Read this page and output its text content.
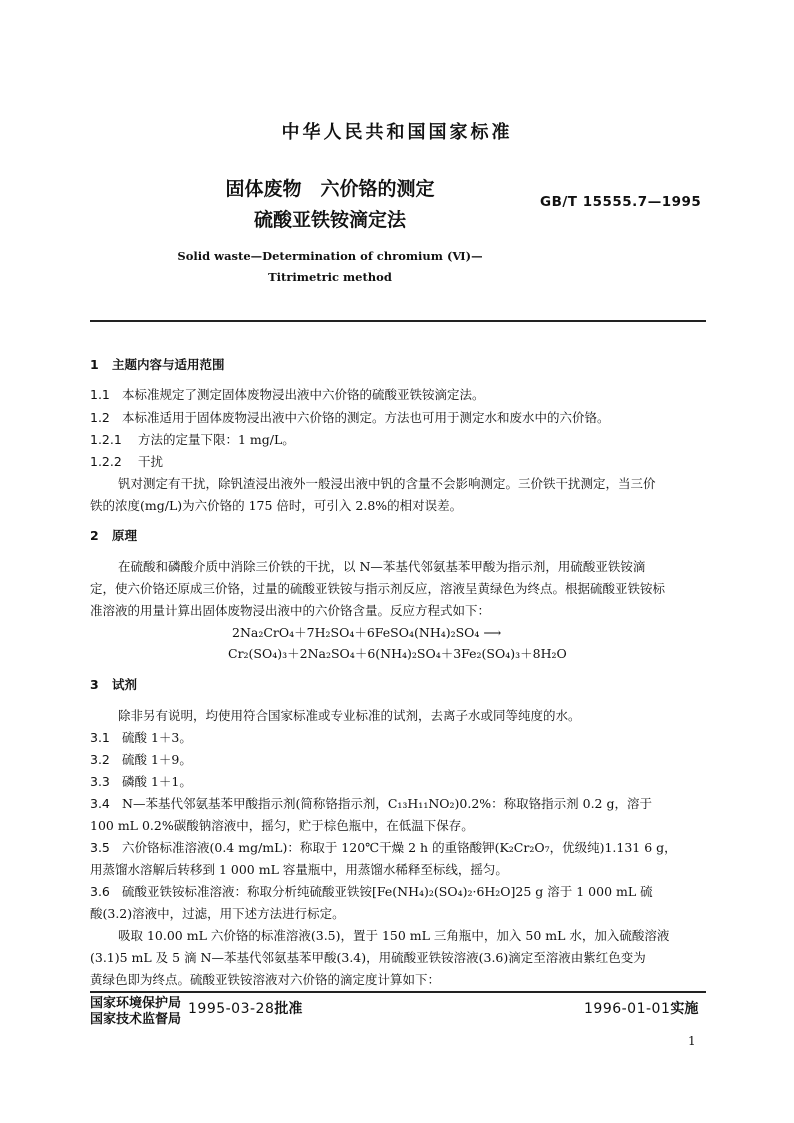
中华人民共和国国家标准
固体废物　六价铬的测定
硫酸亚铁铵滴定法
GB/T 15555.7—1995
Solid waste—Determination of chromium (Ⅵ)—
Titrimetric method
1 主题内容与适用范围
1.1 本标准规定了测定固体废物浸出液中六价铬的硫酸亚铁铵滴定法。
1.2 本标准适用于固体废物浸出液中六价铬的测定。方法也可用于测定水和废水中的六价铬。
1.2.1 方法的定量下限：1 mg/L。
1.2.2 干扰
钒对测定有干扰，除钒渣浸出液外一般浸出液中钒的含量不会影响测定。三价铁干扰测定，当三价
铁的浓度(mg/L)为六价铬的 175 倍时，可引入 2.8%的相对误差。
2 原理
在硫酸和磷酸介质中消除三价铁的干扰，以 N—苯基代邻氨基苯甲酸为指示剂，用硫酸亚铁铵滴
定，使六价铬还原成三价铬，过量的硫酸亚铁铵与指示剂反应，溶液呈黄绿色为终点。根据硫酸亚铁铵标
准溶液的用量计算出固体废物浸出液中的六价铬含量。反应方程式如下：
2Na₂CrO₄＋7H₂SO₄＋6FeSO₄(NH₄)₂SO₄ ⟶
Cr₂(SO₄)₃＋2Na₂SO₄＋6(NH₄)₂SO₄＋3Fe₂(SO₄)₃＋8H₂O
3 试剂
除非另有说明，均使用符合国家标准或专业标准的试剂，去离子水或同等纯度的水。
3.1 硫酸 1＋3。
3.2 硫酸 1＋9。
3.3 磷酸 1＋1。
3.4 N—苯基代邻氨基苯甲酸指示剂(简称铬指示剂，C₁₃H₁₁NO₂)0.2%：称取铬指示剂 0.2 g，溶于
100 mL 0.2%碳酸钠溶液中，摇匀，贮于棕色瓶中，在低温下保存。
3.5 六价铬标准溶液(0.4 mg/mL)：称取于 120℃干燥 2 h 的重铬酸钾(K₂Cr₂O₇，优级纯)1.131 6 g，
用蒸馏水溶解后转移到 1 000 mL 容量瓶中，用蒸馏水稀释至标线，摇匀。
3.6 硫酸亚铁铵标准溶液：称取分析纯硫酸亚铁铵[Fe(NH₄)₂(SO₄)₂·6H₂O]25 g 溶于 1 000 mL 硫
酸(3.2)溶液中，过滤，用下述方法进行标定。
吸取 10.00 mL 六价铬的标准溶液(3.5)，置于 150 mL 三角瓶中，加入 50 mL 水，加入硫酸溶液
(3.1)5 mL 及 5 滴 N—苯基代邻氨基苯甲酸(3.4)，用硫酸亚铁铵溶液(3.6)滴定至溶液由紫红色变为
黄绿色即为终点。硫酸亚铁铵溶液对六价铬的滴定度计算如下：
国家环境保护局
国家技术监督局
1995-03-28批准	1996-01-01实施
1
